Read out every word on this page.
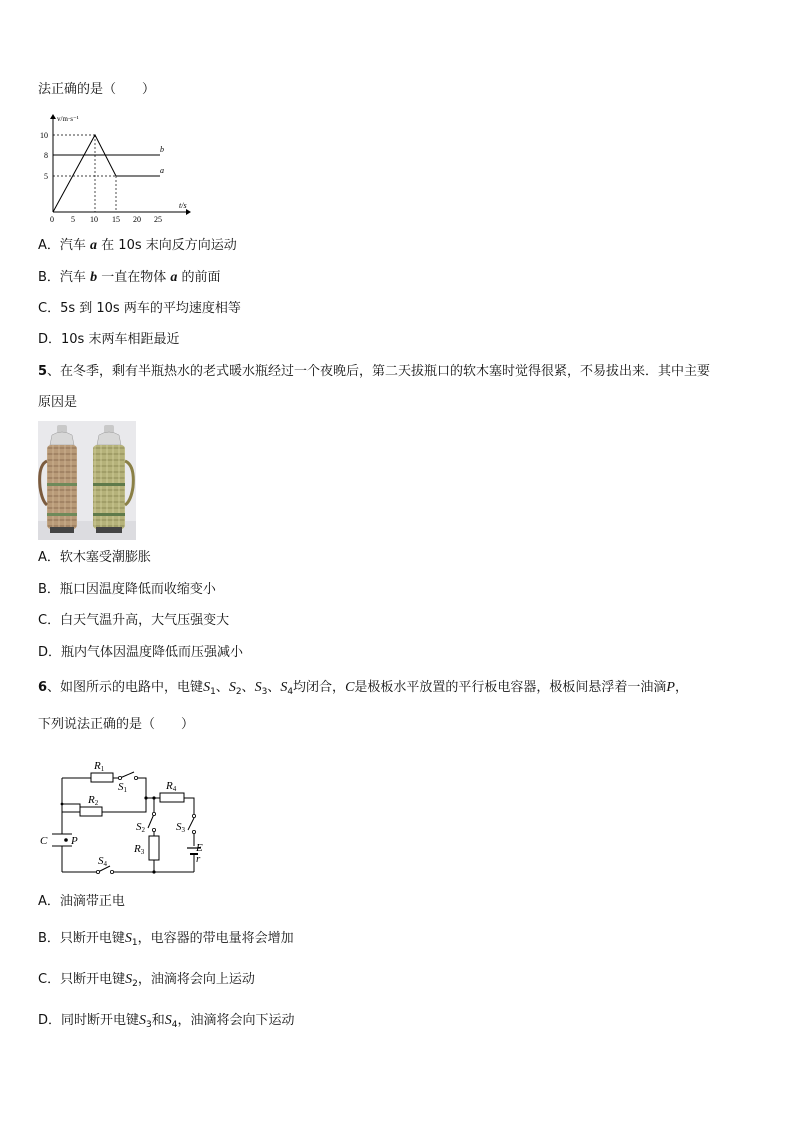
法正确的是（　　）
v/m·s⁻¹
t/s
10
8
5
0 5 10 15 20 25
b
a
A．汽车 a 在 10s 末向反方向运动
B．汽车 b 一直在物体 a 的前面
C．5s 到 10s 两车的平均速度相等
D．10s 末两车相距最近
5、在冬季，剩有半瓶热水的老式暖水瓶经过一个夜晚后，第二天拔瓶口的软木塞时觉得很紧，不易拔出来．其中主要
原因是
A．软木塞受潮膨胀
B．瓶口因温度降低而收缩变小
C．白天气温升高，大气压强变大
D．瓶内气体因温度降低而压强减小
6、如图所示的电路中，电键$S_1$、$S_2$、$S_3$、$S_4$均闭合，C是极板水平放置的平行板电容器，极板间悬浮着一油滴P，
下列说法正确的是（　　）
R1
R2
R3
R4
S1
S2	S3
S4
C P
E
r
A．油滴带正电
B．只断开电键$S_1$，电容器的带电量将会增加
C．只断开电键$S_2$，油滴将会向上运动
D．同时断开电键$S_3$和$S_4$，油滴将会向下运动
